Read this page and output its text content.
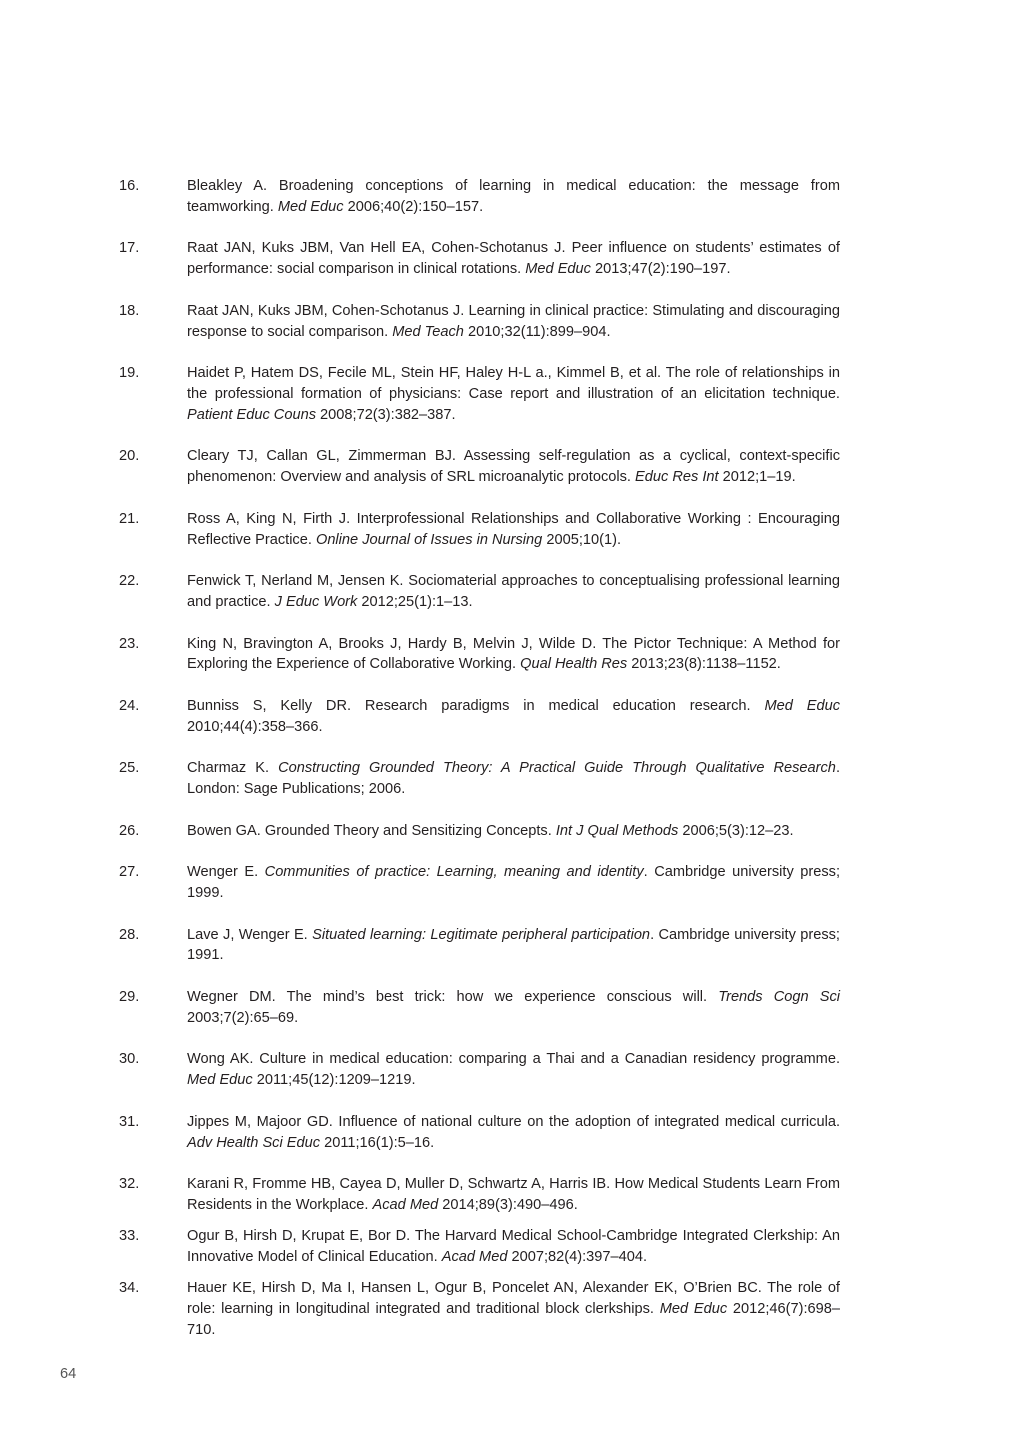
16.	Bleakley A. Broadening conceptions of learning in medical education: the message from teamworking. Med Educ 2006;40(2):150–157.
17.	Raat JAN, Kuks JBM, Van Hell EA, Cohen-Schotanus J. Peer influence on students’ estimates of performance: social comparison in clinical rotations. Med Educ 2013;47(2):190–197.
18.	Raat JAN, Kuks JBM, Cohen-Schotanus J. Learning in clinical practice: Stimulating and discouraging response to social comparison. Med Teach 2010;32(11):899–904.
19.	Haidet P, Hatem DS, Fecile ML, Stein HF, Haley H-L a., Kimmel B, et al. The role of relationships in the professional formation of physicians: Case report and illustration of an elicitation technique. Patient Educ Couns 2008;72(3):382–387.
20.	Cleary TJ, Callan GL, Zimmerman BJ. Assessing self-regulation as a cyclical, context-specific phenomenon: Overview and analysis of SRL microanalytic protocols. Educ Res Int 2012;1–19.
21.	Ross A, King N, Firth J. Interprofessional Relationships and Collaborative Working : Encouraging Reflective Practice. Online Journal of Issues in Nursing 2005;10(1).
22.	Fenwick T, Nerland M, Jensen K. Sociomaterial approaches to conceptualising professional learning and practice. J Educ Work 2012;25(1):1–13.
23.	King N, Bravington A, Brooks J, Hardy B, Melvin J, Wilde D. The Pictor Technique: A Method for Exploring the Experience of Collaborative Working. Qual Health Res 2013;23(8):1138–1152.
24.	Bunniss S, Kelly DR. Research paradigms in medical education research. Med Educ 2010;44(4):358–366.
25.	Charmaz K. Constructing Grounded Theory: A Practical Guide Through Qualitative Research. London: Sage Publications; 2006.
26.	Bowen GA. Grounded Theory and Sensitizing Concepts. Int J Qual Methods 2006;5(3):12–23.
27.	Wenger E. Communities of practice: Learning, meaning and identity. Cambridge university press; 1999.
28.	Lave J, Wenger E. Situated learning: Legitimate peripheral participation. Cambridge university press; 1991.
29.	Wegner DM. The mind’s best trick: how we experience conscious will. Trends Cogn Sci 2003;7(2):65–69.
30.	Wong AK. Culture in medical education: comparing a Thai and a Canadian residency programme. Med Educ 2011;45(12):1209–1219.
31.	Jippes M, Majoor GD. Influence of national culture on the adoption of integrated medical curricula. Adv Health Sci Educ 2011;16(1):5–16.
32.	Karani R, Fromme HB, Cayea D, Muller D, Schwartz A, Harris IB. How Medical Students Learn From Residents in the Workplace. Acad Med 2014;89(3):490–496.
33.	Ogur B, Hirsh D, Krupat E, Bor D. The Harvard Medical School-Cambridge Integrated Clerkship: An Innovative Model of Clinical Education. Acad Med 2007;82(4):397–404.
34.	Hauer KE, Hirsh D, Ma I, Hansen L, Ogur B, Poncelet AN, Alexander EK, O’Brien BC. The role of role: learning in longitudinal integrated and traditional block clerkships. Med Educ 2012;46(7):698–710.
64
